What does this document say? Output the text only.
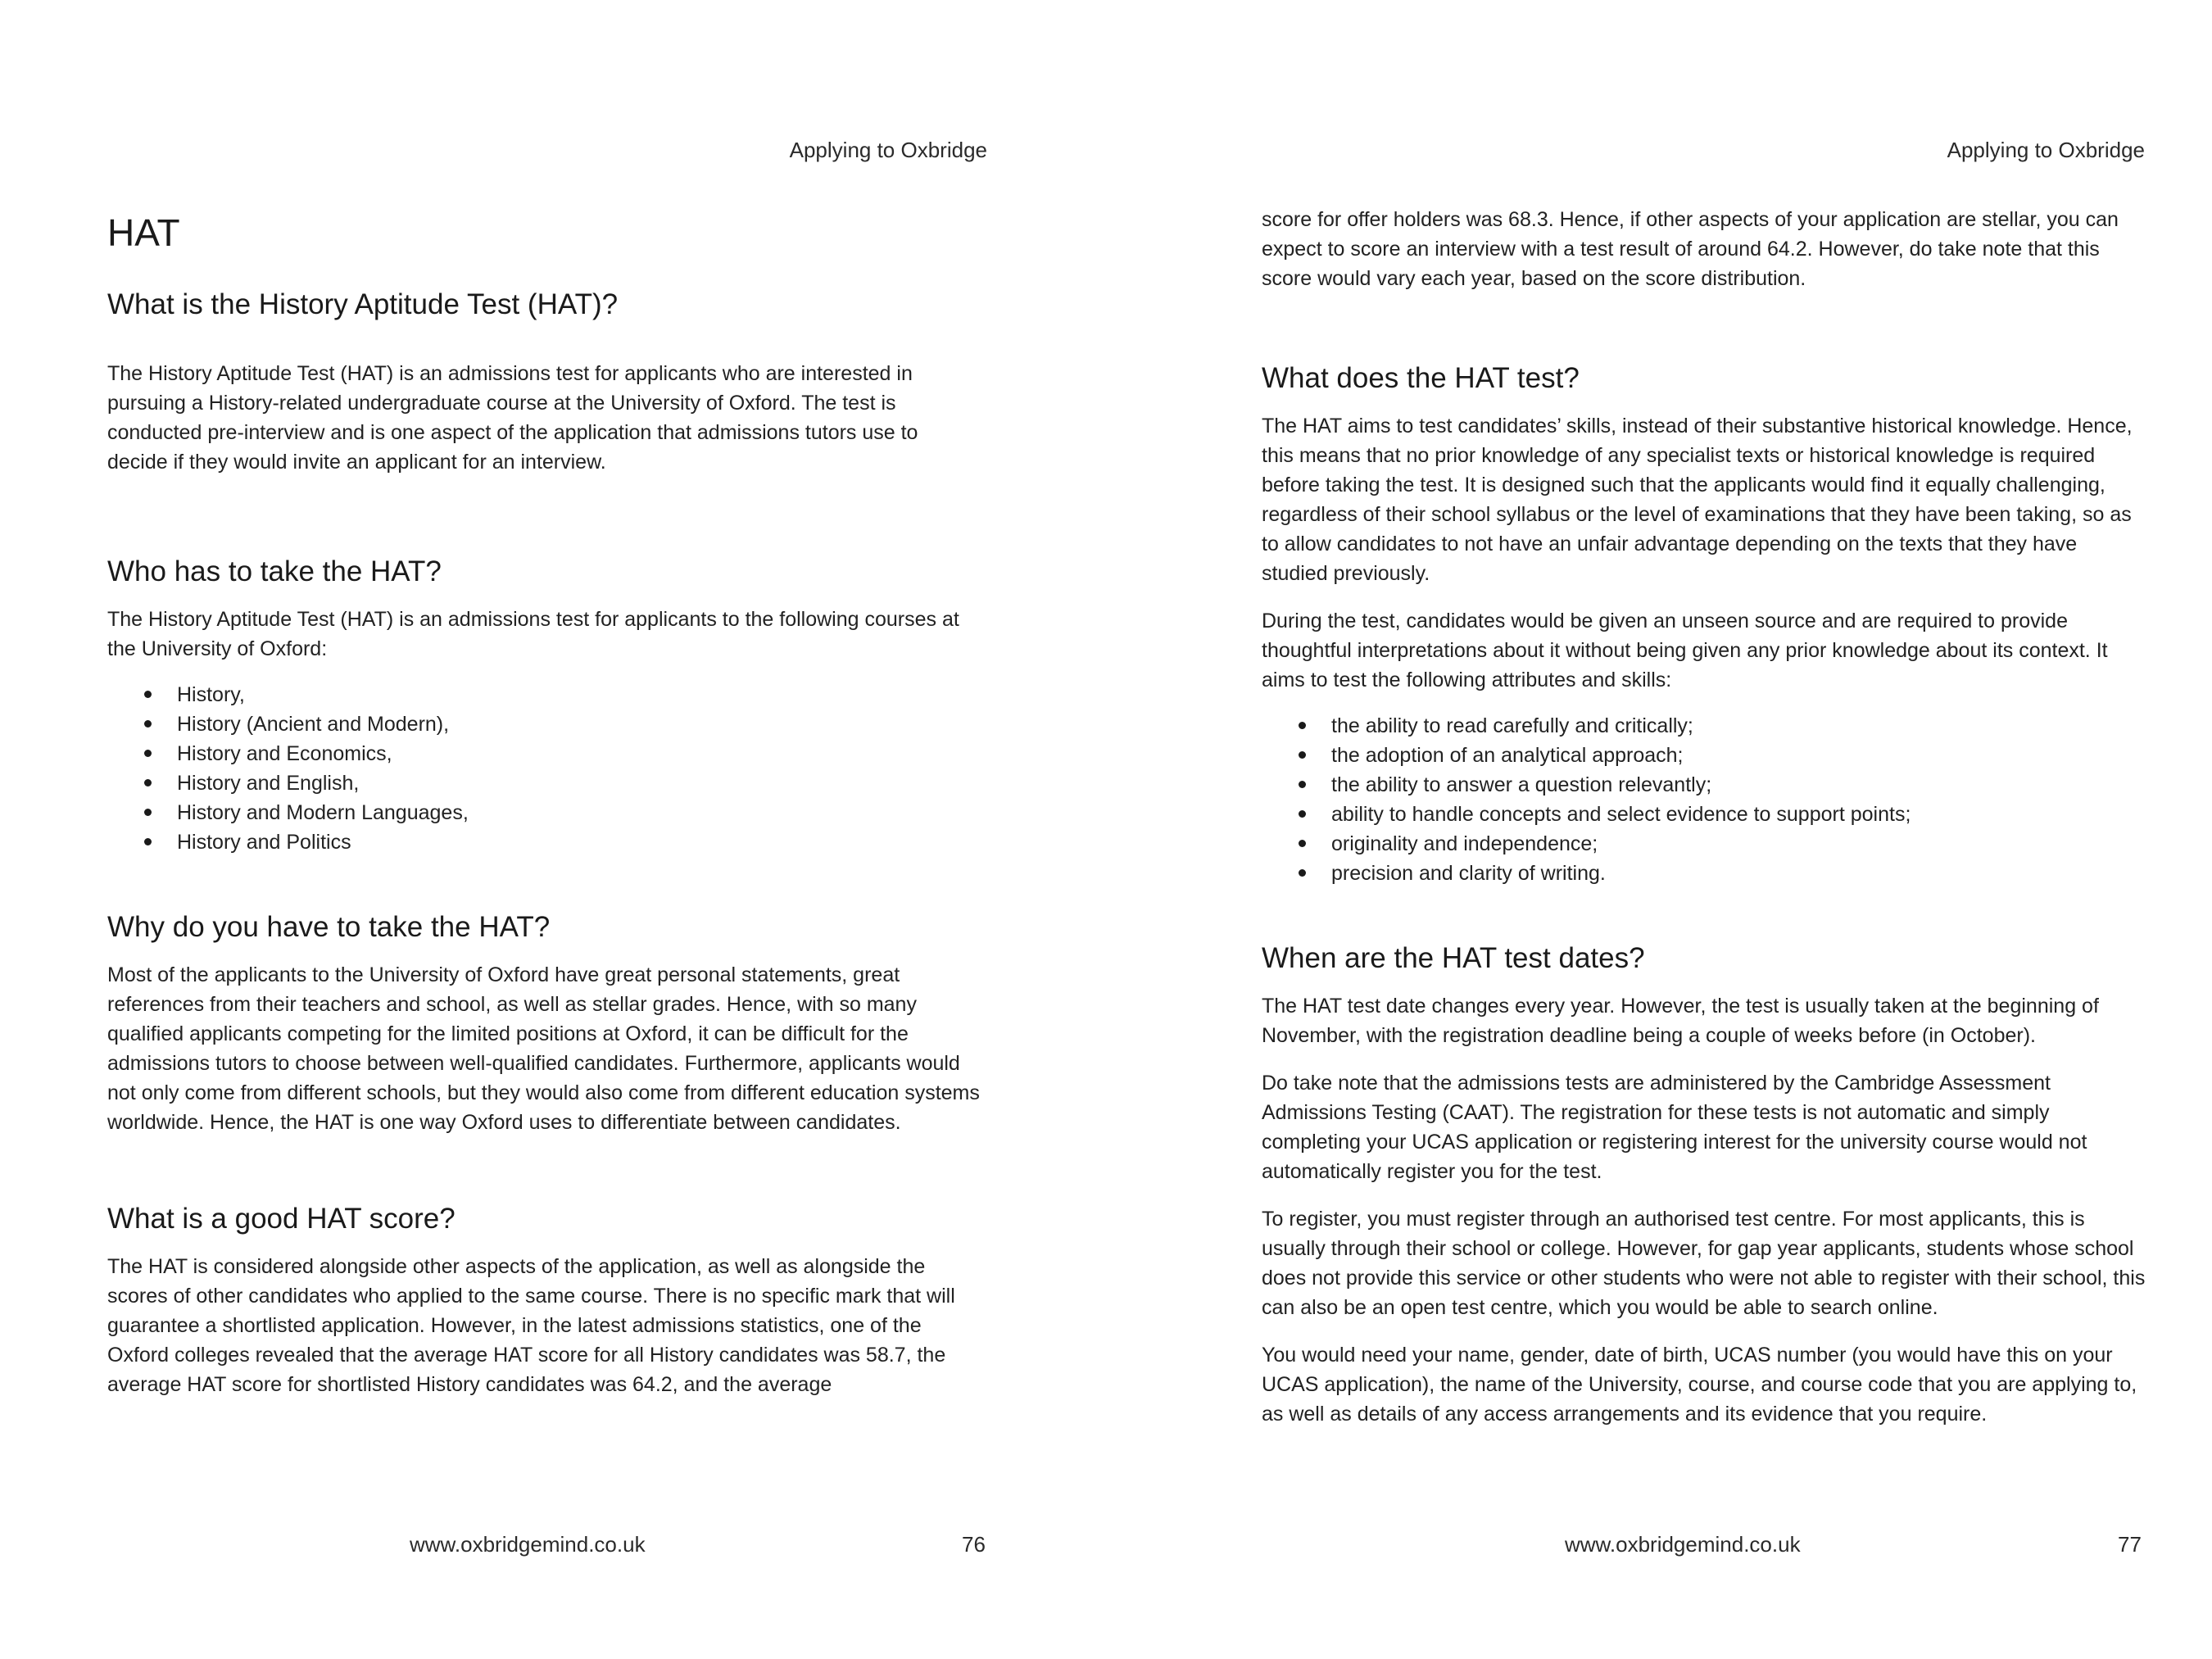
Applying to Oxbridge
HAT
What is the History Aptitude Test (HAT)?

The History Aptitude Test (HAT) is an admissions test for applicants who are interested in pursuing a History-related undergraduate course at the University of Oxford. The test is conducted pre-interview and is one aspect of the application that admissions tutors use to decide if they would invite an applicant for an interview.

Who has to take the HAT?

The History Aptitude Test (HAT) is an admissions test for applicants to the following courses at the University of Oxford:

History,
History (Ancient and Modern),
History and Economics,
History and English,
History and Modern Languages,
History and Politics
Why do you have to take the HAT?

Most of the applicants to the University of Oxford have great personal statements, great references from their teachers and school, as well as stellar grades. Hence, with so many qualified applicants competing for the limited positions at Oxford, it can be difficult for the admissions tutors to choose between well-qualified candidates. Furthermore, applicants would not only come from different schools, but they would also come from different education systems worldwide. Hence, the HAT is one way Oxford uses to differentiate between candidates.

What is a good HAT score?

The HAT is considered alongside other aspects of the application, as well as alongside the scores of other candidates who applied to the same course. There is no specific mark that will guarantee a shortlisted application. However, in the latest admissions statistics, one of the Oxford colleges revealed that the average HAT score for all History candidates was 58.7, the average HAT score for shortlisted History candidates was 64.2, and the average

www.oxbridgemind.co.uk	76
Applying to Oxbridge

score for offer holders was 68.3. Hence, if other aspects of your application are stellar, you can expect to score an interview with a test result of around 64.2. However, do take note that this score would vary each year, based on the score distribution.

What does the HAT test?

The HAT aims to test candidates’ skills, instead of their substantive historical knowledge. Hence, this means that no prior knowledge of any specialist texts or historical knowledge is required before taking the test. It is designed such that the applicants would find it equally challenging, regardless of their school syllabus or the level of examinations that they have been taking, so as to allow candidates to not have an unfair advantage depending on the texts that they have studied previously.

During the test, candidates would be given an unseen source and are required to provide thoughtful interpretations about it without being given any prior knowledge about its context. It aims to test the following attributes and skills:

the ability to read carefully and critically;
the adoption of an analytical approach;
the ability to answer a question relevantly;
ability to handle concepts and select evidence to support points;
originality and independence;
precision and clarity of writing.
When are the HAT test dates?

The HAT test date changes every year. However, the test is usually taken at the beginning of November, with the registration deadline being a couple of weeks before (in October).

Do take note that the admissions tests are administered by the Cambridge Assessment Admissions Testing (CAAT). The registration for these tests is not automatic and simply completing your UCAS application or registering interest for the university course would not automatically register you for the test.

To register, you must register through an authorised test centre. For most applicants, this is usually through their school or college. However, for gap year applicants, students whose school does not provide this service or other students who were not able to register with their school, this can also be an open test centre, which you would be able to search online.

You would need your name, gender, date of birth, UCAS number (you would have this on your UCAS application), the name of the University, course, and course code that you are applying to, as well as details of any access arrangements and its evidence that you require.

www.oxbridgemind.co.uk	77
